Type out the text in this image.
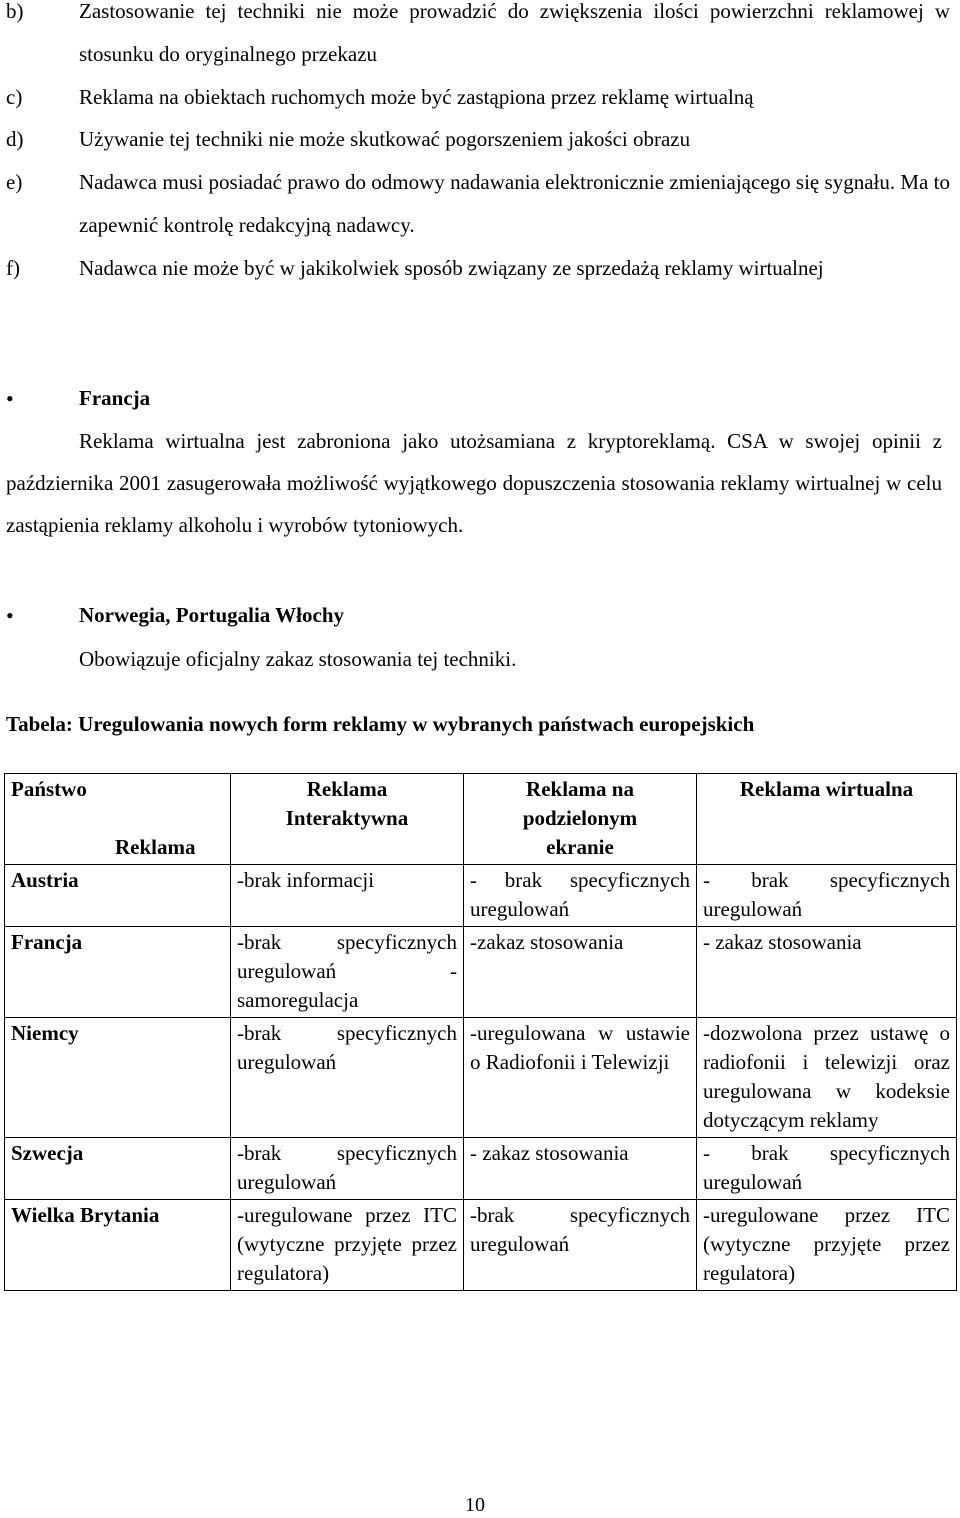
b)	Zastosowanie tej techniki nie może prowadzić do zwiększenia ilości powierzchni reklamowej w stosunku do oryginalnego przekazu
c)	Reklama na obiektach ruchomych może być zastąpiona przez reklamę wirtualną
d)	Używanie tej techniki nie może skutkować pogorszeniem jakości obrazu
e)	Nadawca musi posiadać prawo do odmowy nadawania elektronicznie zmieniającego się sygnału. Ma to zapewnić kontrolę redakcyjną nadawcy.
f)	Nadawca nie może być w jakikolwiek sposób związany ze sprzedażą reklamy wirtualnej
•	Francja
Reklama wirtualna jest zabroniona jako utożsamiana z kryptoreklamą. CSA w swojej opinii z października 2001 zasugerowała możliwość wyjątkowego dopuszczenia stosowania reklamy wirtualnej w celu zastąpienia reklamy alkoholu i wyrobów tytoniowych.
•	Norwegia, Portugalia Włochy
Obowiązuje oficjalny zakaz stosowania tej techniki.
Tabela: Uregulowania nowych form reklamy w wybranych państwach europejskich
Państwo
Reklama	Reklama Interaktywna	Reklama na podzielonym ekranie	Reklama wirtualna
Austria	-brak informacji	- brak specyficznych uregulowań	- brak specyficznych uregulowań
Francja	-brak specyficznych uregulowań -samoregulacja	-zakaz stosowania	- zakaz stosowania
Niemcy	-brak specyficznych uregulowań	-uregulowana w ustawie o Radiofonii i Telewizji	-dozwolona przez ustawę o radiofonii i telewizji oraz uregulowana w kodeksie dotyczącym reklamy
Szwecja	-brak specyficznych uregulowań	- zakaz stosowania	- brak specyficznych uregulowań
Wielka Brytania	-uregulowane przez ITC (wytyczne przyjęte przez regulatora)	-brak specyficznych uregulowań	-uregulowane przez ITC (wytyczne przyjęte przez regulatora)
10
